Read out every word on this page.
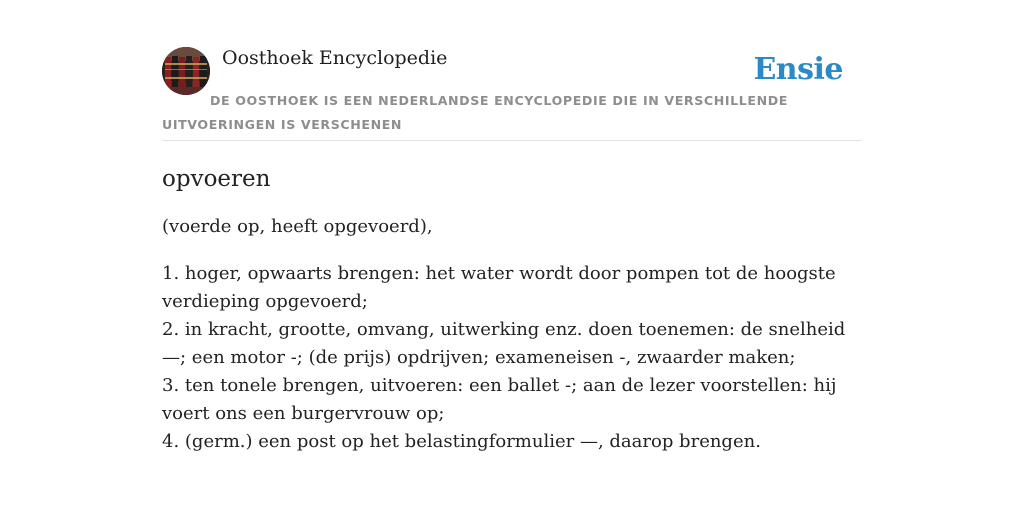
Oosthoek Encyclopedie	Ensie
DE OOSTHOEK IS EEN NEDERLANDSE ENCYCLOPEDIE DIE IN VERSCHILLENDE UITVOERINGEN IS VERSCHENEN
opvoeren

(voerde op, heeft opgevoerd),

1. hoger, opwaarts brengen: het water wordt door pompen tot de hoogste verdieping opgevoerd;
2. in kracht, grootte, omvang, uitwerking enz. doen toenemen: de snelheid —; een motor -; (de prijs) opdrijven; exameneisen -, zwaarder maken;
3. ten tonele brengen, uitvoeren: een ballet -; aan de lezer voorstellen: hij voert ons een burgervrouw op;
4. (germ.) een post op het belastingformulier —, daarop brengen.
